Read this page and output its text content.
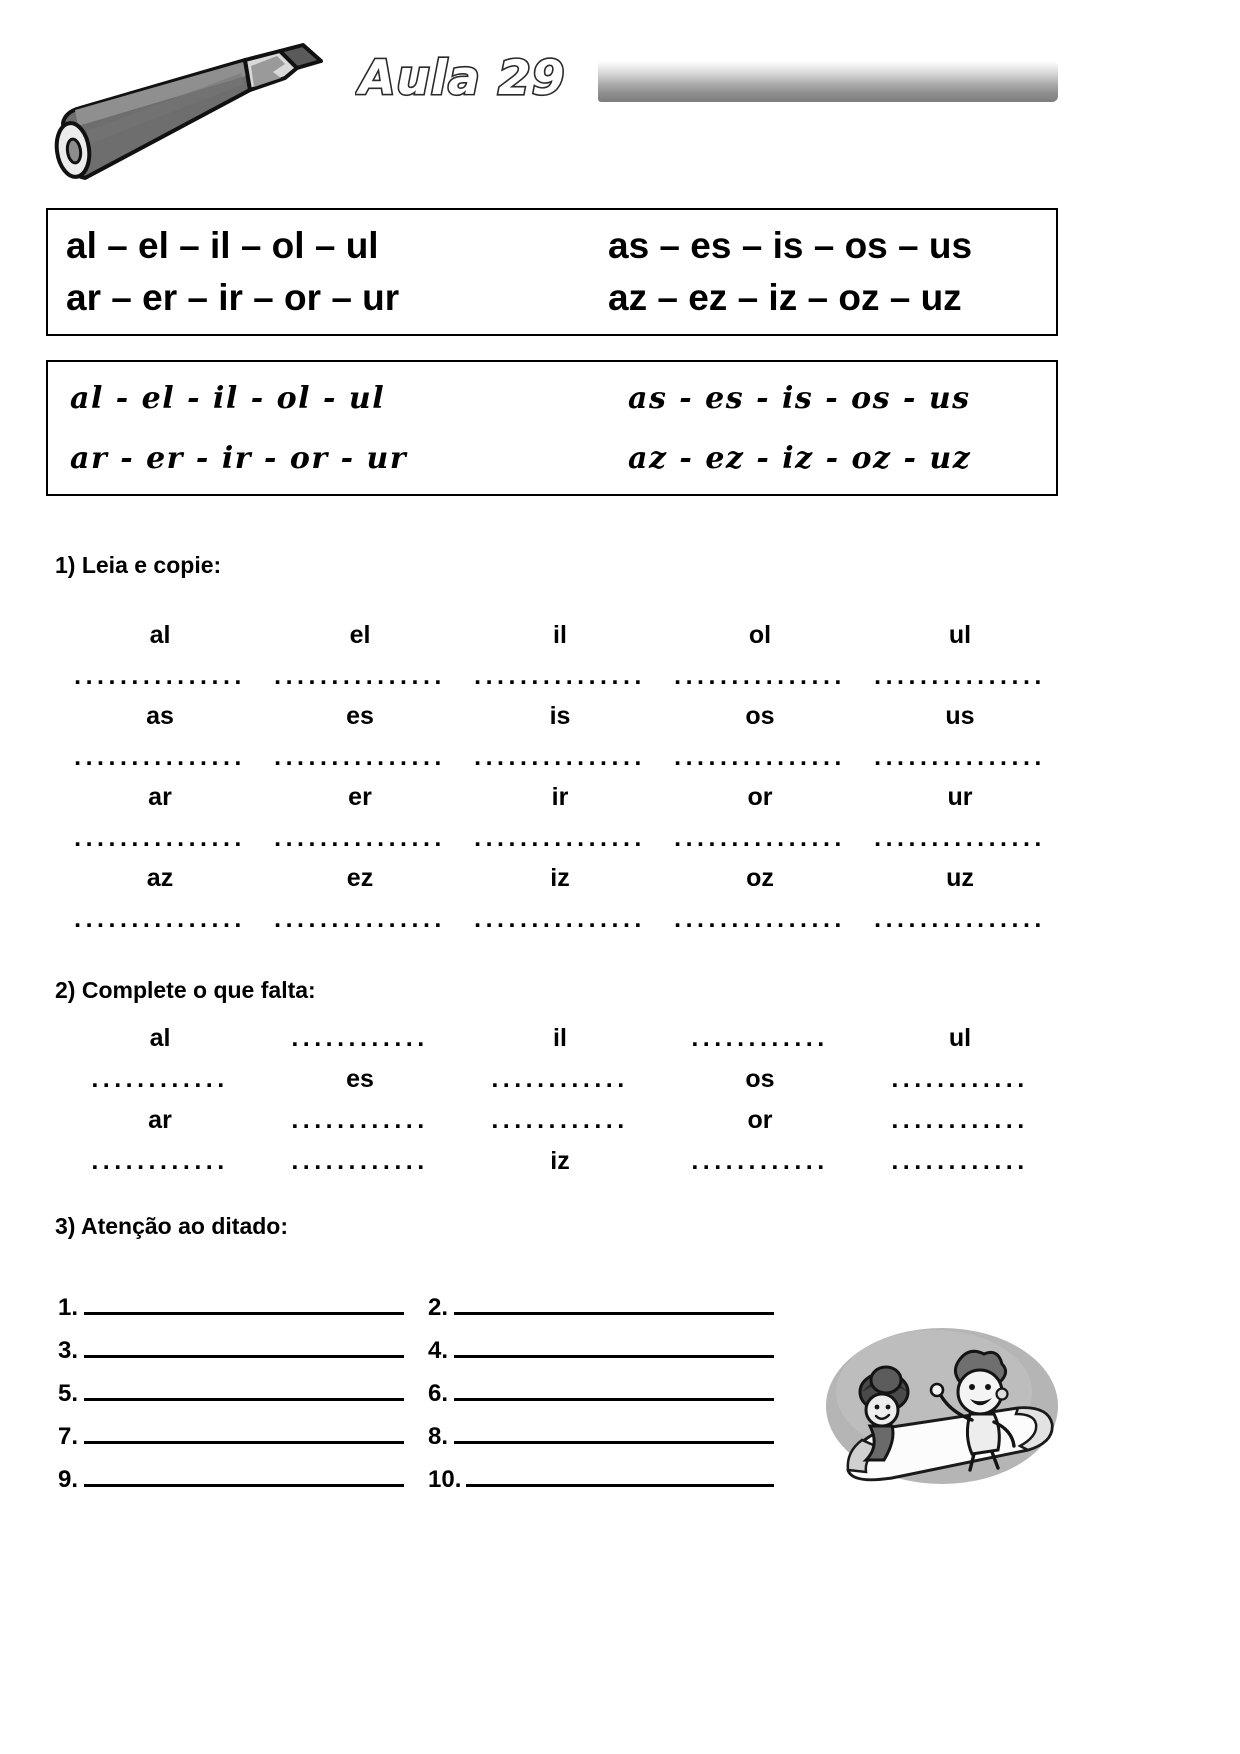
Aula 29
al – el – il – ol – ul	as – es – is – os – us
ar – er – ir – or – ur	az – ez – iz – oz – uz
al - el - il - ol - ul	as - es - is - os - us
ar - er - ir - or - ur	az - ez - iz - oz - uz
1) Leia e copie:
al	el	il	ol	ul
...............	...............	...............	...............	...............
as	es	is	os	us
...............	...............	...............	...............	...............
ar	er	ir	or	ur
...............	...............	...............	...............	...............
az	ez	iz	oz	uz
...............	...............	...............	...............	...............
2) Complete o que falta:
al	............	il	............	ul
............	es	............	os	............
ar	............	............	or	............
............	............	iz	............	............
3) Atenção ao ditado:
1.	2.
3.	4.
5.	6.
7.	8.
9.	10.
